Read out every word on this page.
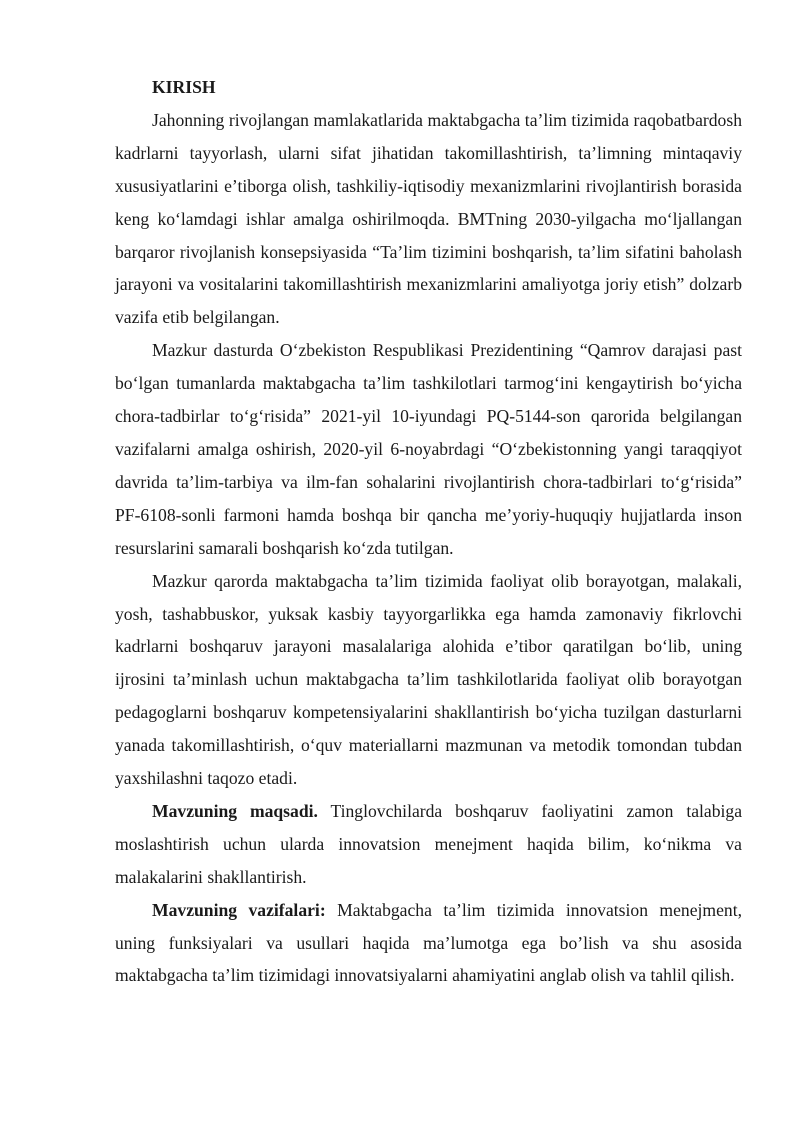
KIRISH

Jahonning rivojlangan mamlakatlarida maktabgacha ta’lim tizimida raqobatbardosh kadrlarni tayyorlash, ularni sifat jihatidan takomillashtirish, ta’limning mintaqaviy xususiyatlarini e’tiborga olish, tashkiliy-iqtisodiy mexanizmlarini rivojlantirish borasida keng ko‘lamdagi ishlar amalga oshirilmoqda. BMTning 2030-yilgacha mo‘ljallangan barqaror rivojlanish konsepsiyasida “Ta’lim tizimini boshqarish, ta’lim sifatini baholash jarayoni va vositalarini takomillashtirish mexanizmlarini amaliyotga joriy etish” dolzarb vazifa etib belgilangan.

Mazkur dasturda O‘zbekiston Respublikasi Prezidentining “Qamrov darajasi past bo‘lgan tumanlarda maktabgacha ta’lim tashkilotlari tarmog‘ini kengaytirish bo‘yicha chora-tadbirlar to‘g‘risida” 2021-yil 10-iyundagi PQ-5144-son qarorida belgilangan vazifalarni amalga oshirish, 2020-yil 6-noyabrdagi “O‘zbekistonning yangi taraqqiyot davrida ta’lim-tarbiya va ilm-fan sohalarini rivojlantirish chora-tadbirlari to‘g‘risida” PF-6108-sonli farmoni hamda boshqa bir qancha me’yoriy-huquqiy hujjatlarda inson resurslarini samarali boshqarish ko‘zda tutilgan.

Mazkur qarorda maktabgacha ta’lim tizimida faoliyat olib borayotgan, malakali, yosh, tashabbuskor, yuksak kasbiy tayyorgarlikka ega hamda zamonaviy fikrlovchi kadrlarni boshqaruv jarayoni masalalariga alohida e’tibor qaratilgan bo‘lib, uning ijrosini ta’minlash uchun maktabgacha ta’lim tashkilotlarida faoliyat olib borayotgan pedagoglarni boshqaruv kompetensiyalarini shakllantirish bo‘yicha tuzilgan dasturlarni yanada takomillashtirish, o‘quv materiallarni mazmunan va metodik tomondan tubdan yaxshilashni taqozo etadi.

Mavzuning maqsadi. Tinglovchilarda boshqaruv faoliyatini zamon talabiga moslashtirish uchun ularda innovatsion menejment haqida bilim, ko‘nikma va malakalarini shakllantirish.

Mavzuning vazifalari: Maktabgacha ta’lim tizimida innovatsion menejment, uning funksiyalari va usullari haqida ma’lumotga ega bo’lish va shu asosida maktabgacha ta’lim tizimidagi innovatsiyalarni ahamiyatini anglab olish va tahlil qilish.
